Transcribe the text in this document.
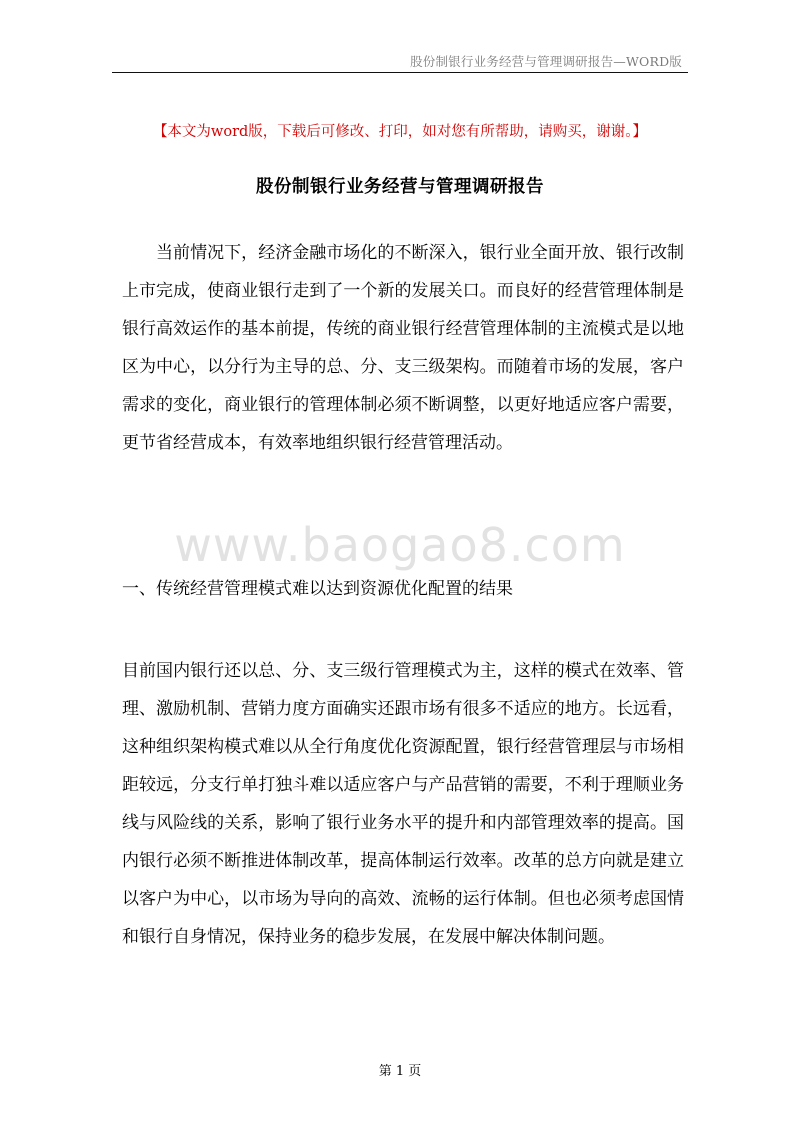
股份制银行业务经营与管理调研报告—WORD版
【本文为word版，下载后可修改、打印，如对您有所帮助，请购买，谢谢。】
股份制银行业务经营与管理调研报告
当前情况下，经济金融市场化的不断深入，银行业全面开放、银行改制上市完成，使商业银行走到了一个新的发展关口。而良好的经营管理体制是银行高效运作的基本前提，传统的商业银行经营管理体制的主流模式是以地区为中心，以分行为主导的总、分、支三级架构。而随着市场的发展，客户需求的变化，商业银行的管理体制必须不断调整，以更好地适应客户需要，更节省经营成本，有效率地组织银行经营管理活动。
www.baogao8.com
一、传统经营管理模式难以达到资源优化配置的结果
目前国内银行还以总、分、支三级行管理模式为主，这样的模式在效率、管理、激励机制、营销力度方面确实还跟市场有很多不适应的地方。长远看，这种组织架构模式难以从全行角度优化资源配置，银行经营管理层与市场相距较远，分支行单打独斗难以适应客户与产品营销的需要，不利于理顺业务线与风险线的关系，影响了银行业务水平的提升和内部管理效率的提高。国内银行必须不断推进体制改革，提高体制运行效率。改革的总方向就是建立以客户为中心，以市场为导向的高效、流畅的运行体制。但也必须考虑国情和银行自身情况，保持业务的稳步发展，在发展中解决体制问题。
第 1 页
